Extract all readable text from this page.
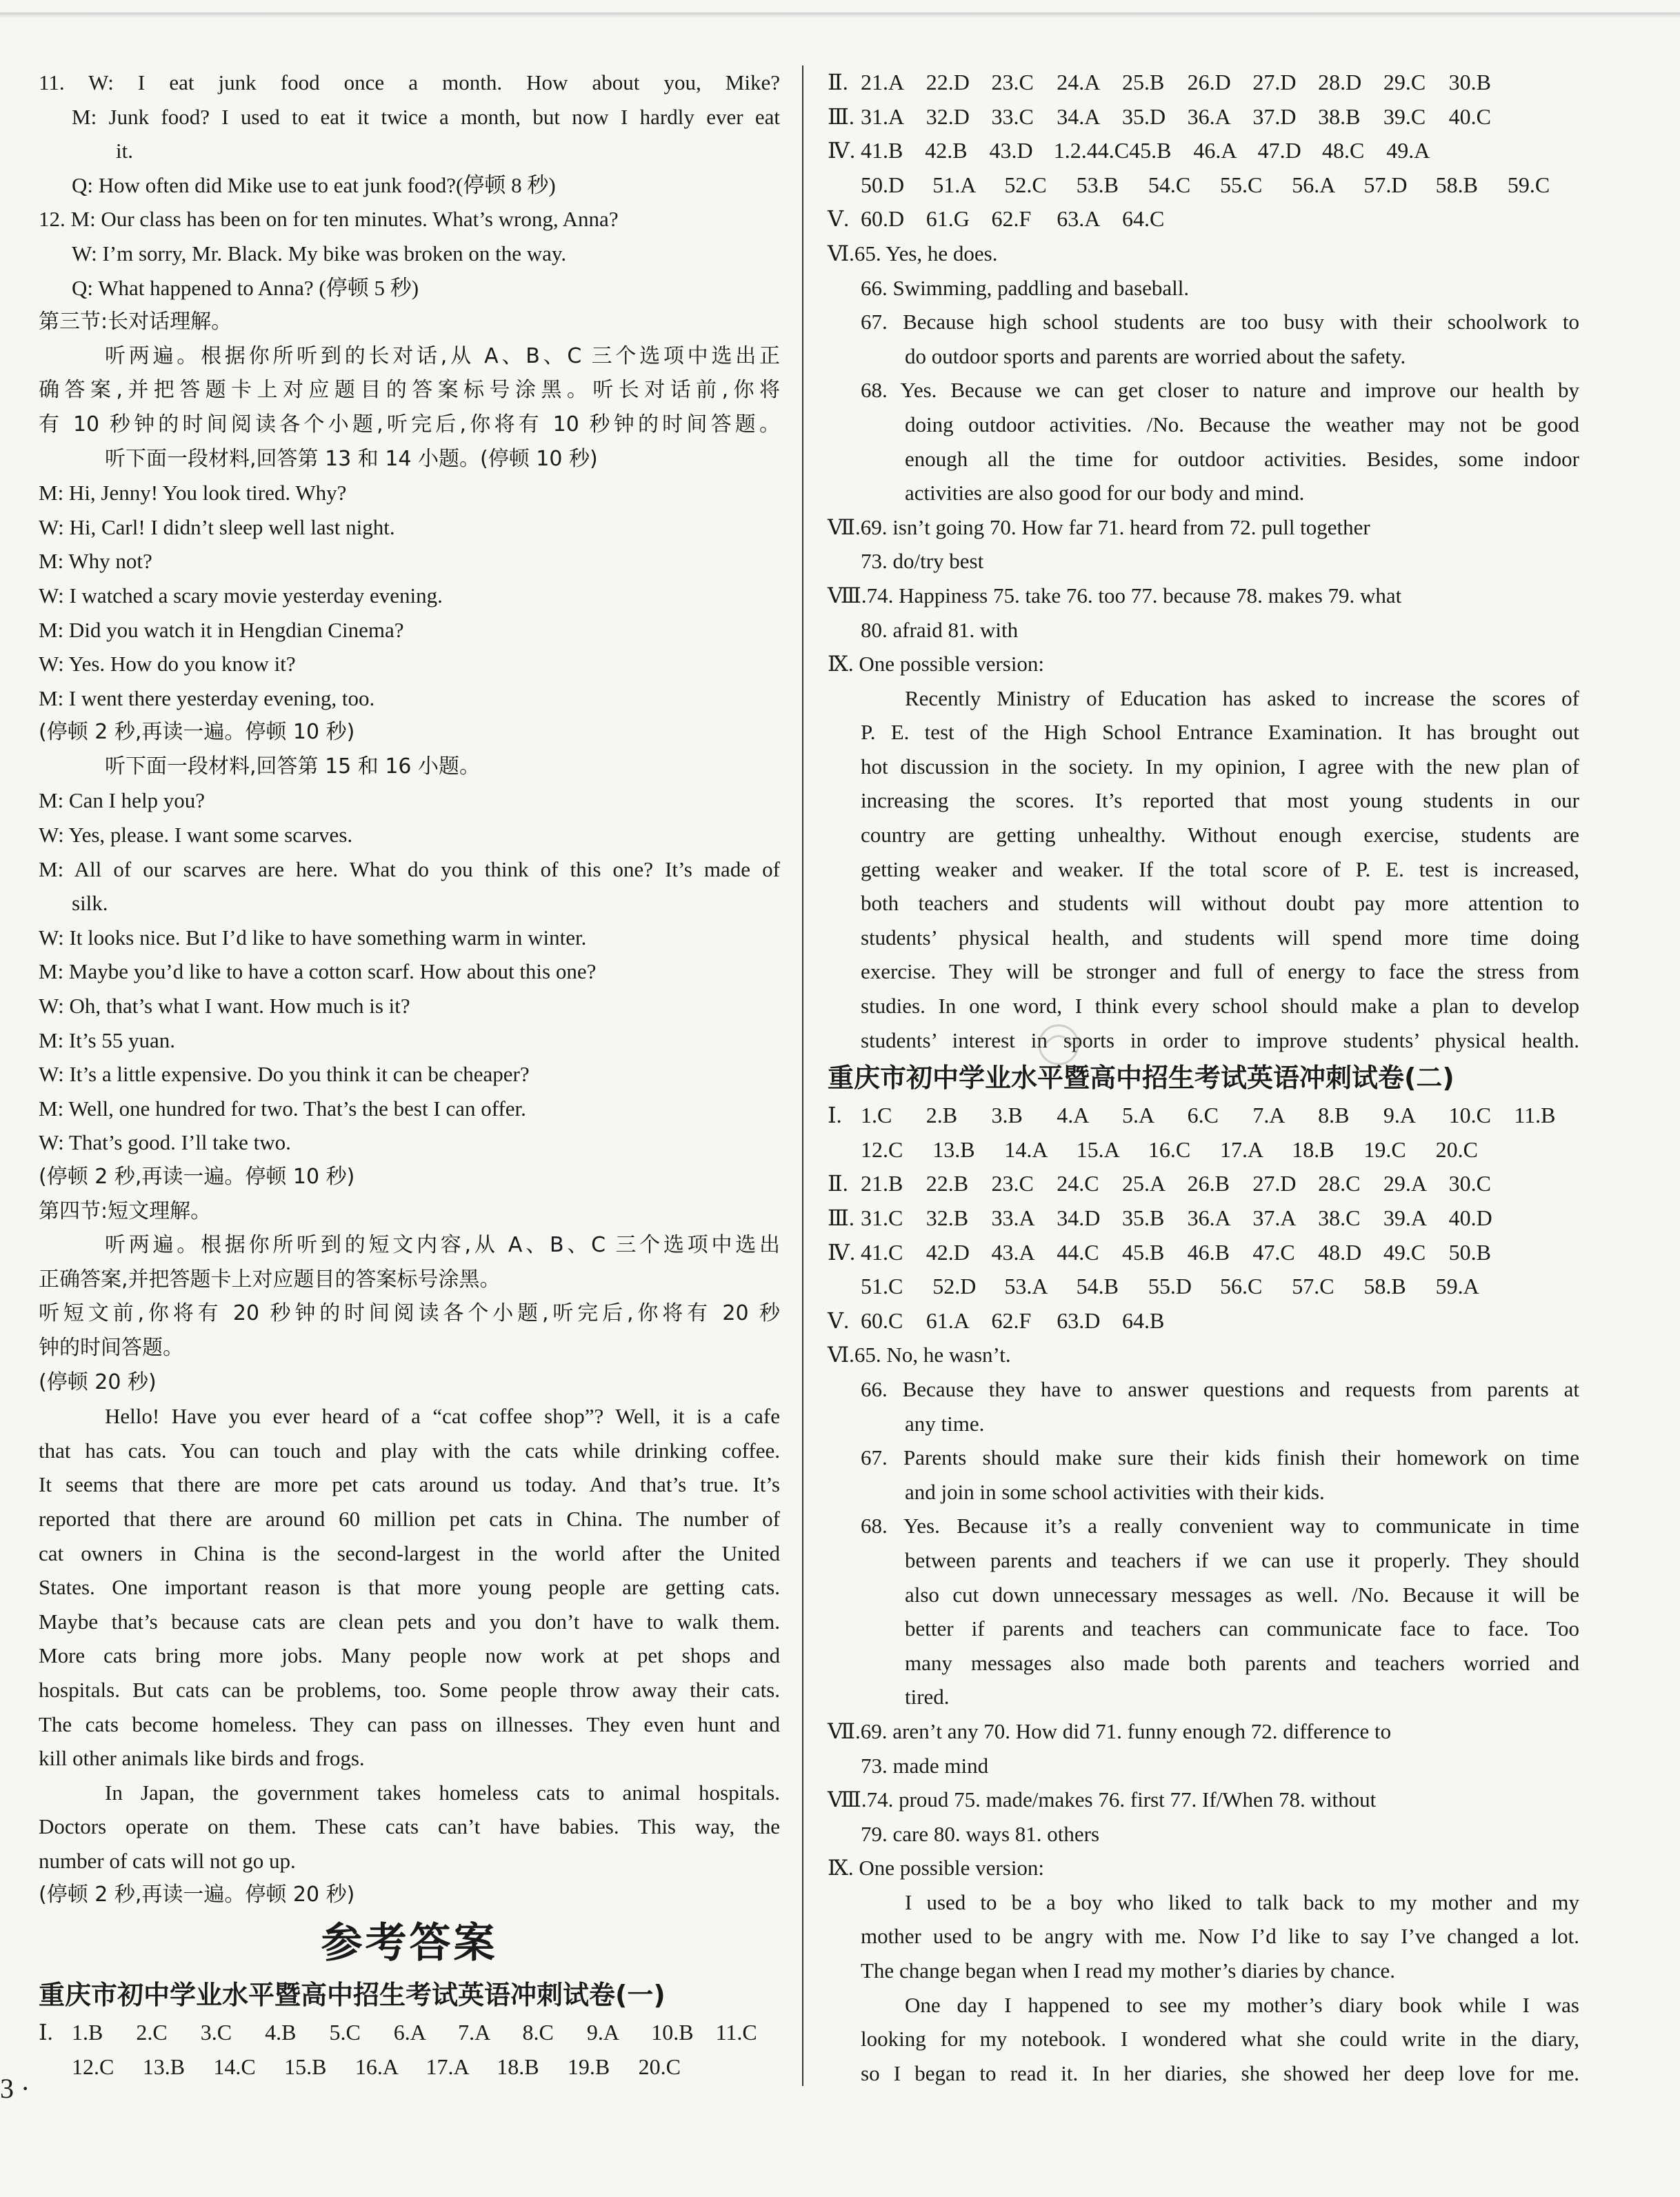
11. W: I eat junk food once a month. How about you, Mike?
M: Junk food? I used to eat it twice a month, but now I hardly ever eat
it.
Q: How often did Mike use to eat junk food?(停顿 8 秒)
12. M: Our class has been on for ten minutes. What’s wrong, Anna?
W: I’m sorry, Mr. Black. My bike was broken on the way.
Q: What happened to Anna? (停顿 5 秒)
第三节:长对话理解。
听两遍。根据你所听到的长对话,从 A、B、C 三个选项中选出正
确答案,并把答题卡上对应题目的答案标号涂黑。听长对话前,你将
有 10 秒钟的时间阅读各个小题,听完后,你将有 10 秒钟的时间答题。
听下面一段材料,回答第 13 和 14 小题。(停顿 10 秒)
M: Hi, Jenny! You look tired. Why?
W: Hi, Carl! I didn’t sleep well last night.
M: Why not?
W: I watched a scary movie yesterday evening.
M: Did you watch it in Hengdian Cinema?
W: Yes. How do you know it?
M: I went there yesterday evening, too.
(停顿 2 秒,再读一遍。停顿 10 秒)
听下面一段材料,回答第 15 和 16 小题。
M: Can I help you?
W: Yes, please. I want some scarves.
M: All of our scarves are here. What do you think of this one? It’s made of
silk.
W: It looks nice. But I’d like to have something warm in winter.
M: Maybe you’d like to have a cotton scarf. How about this one?
W: Oh, that’s what I want. How much is it?
M: It’s 55 yuan.
W: It’s a little expensive. Do you think it can be cheaper?
M: Well, one hundred for two. That’s the best I can offer.
W: That’s good. I’ll take two.
(停顿 2 秒,再读一遍。停顿 10 秒)
第四节:短文理解。
听两遍。根据你所听到的短文内容,从 A、B、C 三个选项中选出
正确答案,并把答题卡上对应题目的答案标号涂黑。
听短文前,你将有 20 秒钟的时间阅读各个小题,听完后,你将有 20 秒
钟的时间答题。
(停顿 20 秒)
Hello! Have you ever heard of a “cat coffee shop”? Well, it is a cafe
that has cats. You can touch and play with the cats while drinking coffee.
It seems that there are more pet cats around us today. And that’s true. It’s
reported that there are around 60 million pet cats in China. The number of
cat owners in China is the second-largest in the world after the United
States. One important reason is that more young people are getting cats.
Maybe that’s because cats are clean pets and you don’t have to walk them.
More cats bring more jobs. Many people now work at pet shops and
hospitals. But cats can be problems, too. Some people throw away their cats.
The cats become homeless. They can pass on illnesses. They even hunt and
kill other animals like birds and frogs.
In Japan, the government takes homeless cats to animal hospitals.
Doctors operate on them. These cats can’t have babies. This way, the
number of cats will not go up.
(停顿 2 秒,再读一遍。停顿 20 秒)
参考答案
重庆市初中学业水平暨高中招生考试英语冲刺试卷(一)
Ⅰ. 1.B	2.C	3.C	4.B	5.C	6.A	7.A	8.C	9.A	10.B	11.C
12.C	13.B	14.C	15.B	16.A	17.A	18.B	19.B	20.C
Ⅱ. 21.A 22.D 23.C	24.A 25.B	26.D 27.D 28.D 29.C	30.B
Ⅲ. 31.A 32.D 33.C	34.A 35.D 36.A 37.D 38.B	39.C	40.C
Ⅳ. 41.B 42.B 43.D 1.2.44.C 45.B 46.A 47.D 48.C 49.A
50.D	51.A	52.C	53.B	54.C	55.C	56.A	57.D	58.B	59.C
Ⅴ. 60.D 61.G 62.F	63.A 64.C
Ⅵ.65. Yes, he does.
66. Swimming, paddling and baseball.
67. Because high school students are too busy with their schoolwork to
do outdoor sports and parents are worried about the safety.
68. Yes. Because we can get closer to nature and improve our health by
doing outdoor activities. /No. Because the weather may not be good
enough all the time for outdoor activities. Besides, some indoor
activities are also good for our body and mind.
Ⅶ.69. isn’t going 70. How far 71. heard from 72. pull together
73. do/try best
Ⅷ.74. Happiness 75. take 76. too 77. because 78. makes 79. what
80. afraid 81. with
Ⅸ. One possible version:
Recently Ministry of Education has asked to increase the scores of
P. E. test of the High School Entrance Examination. It has brought out
hot discussion in the society. In my opinion, I agree with the new plan of
increasing the scores. It’s reported that most young students in our
country are getting unhealthy. Without enough exercise, students are
getting weaker and weaker. If the total score of P. E. test is increased,
both teachers and students will without doubt pay more attention to
students’ physical health, and students will spend more time doing
exercise. They will be stronger and full of energy to face the stress from
studies. In one word, I think every school should make a plan to develop
students’ interest in sports in order to improve students’ physical health.
重庆市初中学业水平暨高中招生考试英语冲刺试卷(二)
Ⅰ. 1.C	2.B	3.B	4.A	5.A	6.C	7.A	8.B	9.A	10.C	11.B
12.C	13.B	14.A	15.A	16.C	17.A	18.B	19.C	20.C
Ⅱ. 21.B	22.B	23.C	24.C	25.A 26.B	27.D 28.C	29.A 30.C
Ⅲ. 31.C	32.B	33.A 34.D 35.B	36.A 37.A 38.C	39.A 40.D
Ⅳ. 41.C	42.D 43.A 44.C	45.B	46.B	47.C	48.D 49.C	50.B
51.C	52.D	53.A	54.B	55.D	56.C	57.C	58.B	59.A
Ⅴ. 60.C	61.A 62.F	63.D 64.B
Ⅵ.65. No, he wasn’t.
66. Because they have to answer questions and requests from parents at
any time.
67. Parents should make sure their kids finish their homework on time
and join in some school activities with their kids.
68. Yes. Because it’s a really convenient way to communicate in time
between parents and teachers if we can use it properly. They should
also cut down unnecessary messages as well. /No. Because it will be
better if parents and teachers can communicate face to face. Too
many messages also made both parents and teachers worried and
tired.
Ⅶ.69. aren’t any 70. How did 71. funny enough 72. difference to
73. made mind
Ⅷ.74. proud 75. made/makes 76. first 77. If/When 78. without
79. care 80. ways 81. others
Ⅸ. One possible version:
I used to be a boy who liked to talk back to my mother and my
mother used to be angry with me. Now I’d like to say I’ve changed a lot.
The change began when I read my mother’s diaries by chance.
One day I happened to see my mother’s diary book while I was
looking for my notebook. I wondered what she could write in the diary,
so I began to read it. In her diaries, she showed her deep love for me.
3 ·
